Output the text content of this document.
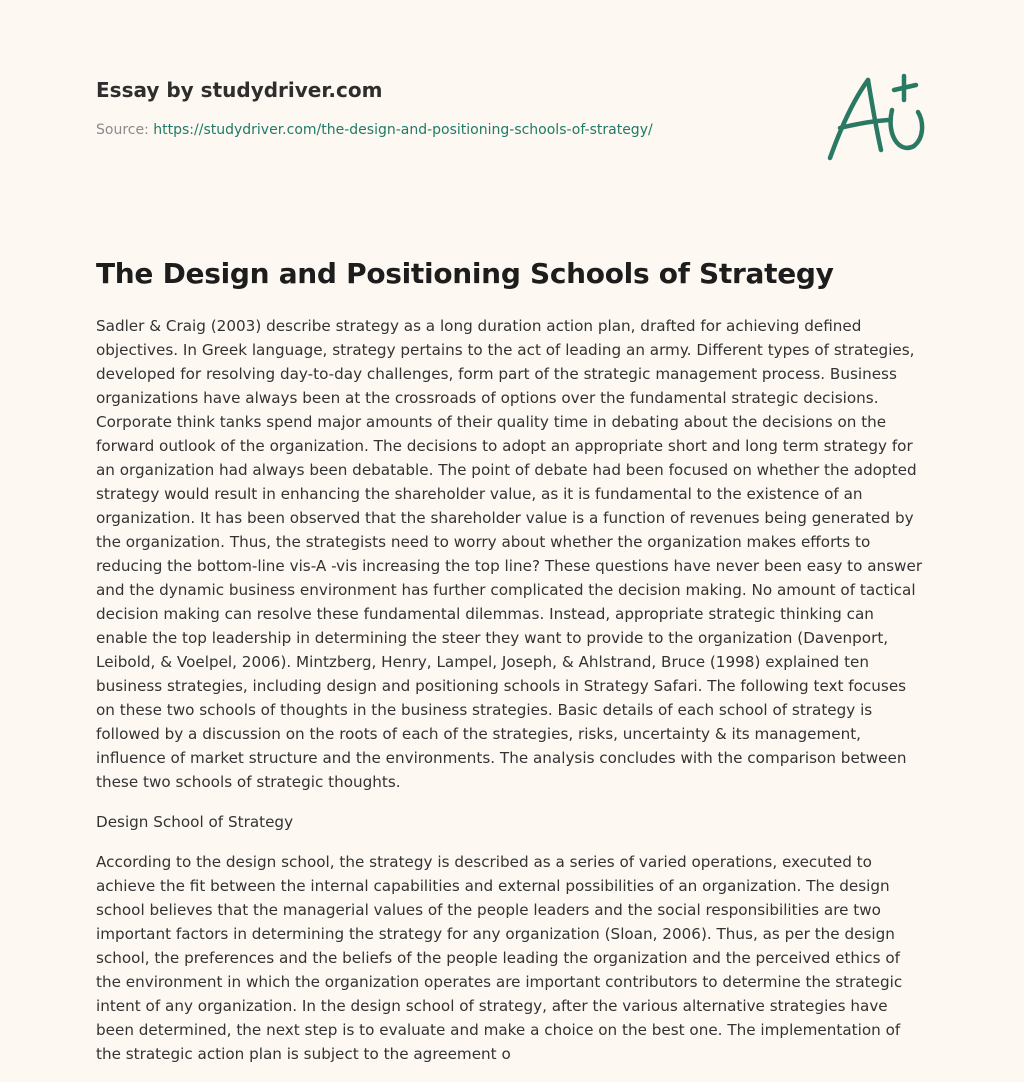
Essay by studydriver.com

Source: https://studydriver.com/the-design-and-positioning-schools-of-strategy/
The Design and Positioning Schools of Strategy

Sadler & Craig (2003) describe strategy as a long duration action plan, drafted for achieving defined objectives. In Greek language, strategy pertains to the act of leading an army. Different types of strategies, developed for resolving day-to-day challenges, form part of the strategic management process. Business organizations have always been at the crossroads of options over the fundamental strategic decisions. Corporate think tanks spend major amounts of their quality time in debating about the decisions on the forward outlook of the organization. The decisions to adopt an appropriate short and long term strategy for an organization had always been debatable. The point of debate had been focused on whether the adopted strategy would result in enhancing the shareholder value, as it is fundamental to the existence of an organization. It has been observed that the shareholder value is a function of revenues being generated by the organization. Thus, the strategists need to worry about whether the organization makes efforts to reducing the bottom-line vis-A -vis increasing the top line? These questions have never been easy to answer and the dynamic business environment has further complicated the decision making. No amount of tactical decision making can resolve these fundamental dilemmas. Instead, appropriate strategic thinking can enable the top leadership in determining the steer they want to provide to the organization (Davenport, Leibold, & Voelpel, 2006). Mintzberg, Henry, Lampel, Joseph, & Ahlstrand, Bruce (1998) explained ten business strategies, including design and positioning schools in Strategy Safari. The following text focuses on these two schools of thoughts in the business strategies. Basic details of each school of strategy is followed by a discussion on the roots of each of the strategies, risks, uncertainty & its management, influence of market structure and the environments. The analysis concludes with the comparison between these two schools of strategic thoughts.

Design School of Strategy

According to the design school, the strategy is described as a series of varied operations, executed to achieve the fit between the internal capabilities and external possibilities of an organization. The design school believes that the managerial values of the people leaders and the social responsibilities are two important factors in determining the strategy for any organization (Sloan, 2006). Thus, as per the design school, the preferences and the beliefs of the people leading the organization and the perceived ethics of the environment in which the organization operates are important contributors to determine the strategic intent of any organization. In the design school of strategy, after the various alternative strategies have been determined, the next step is to evaluate and make a choice on the best one. The implementation of the strategic action plan is subject to the agreement o
